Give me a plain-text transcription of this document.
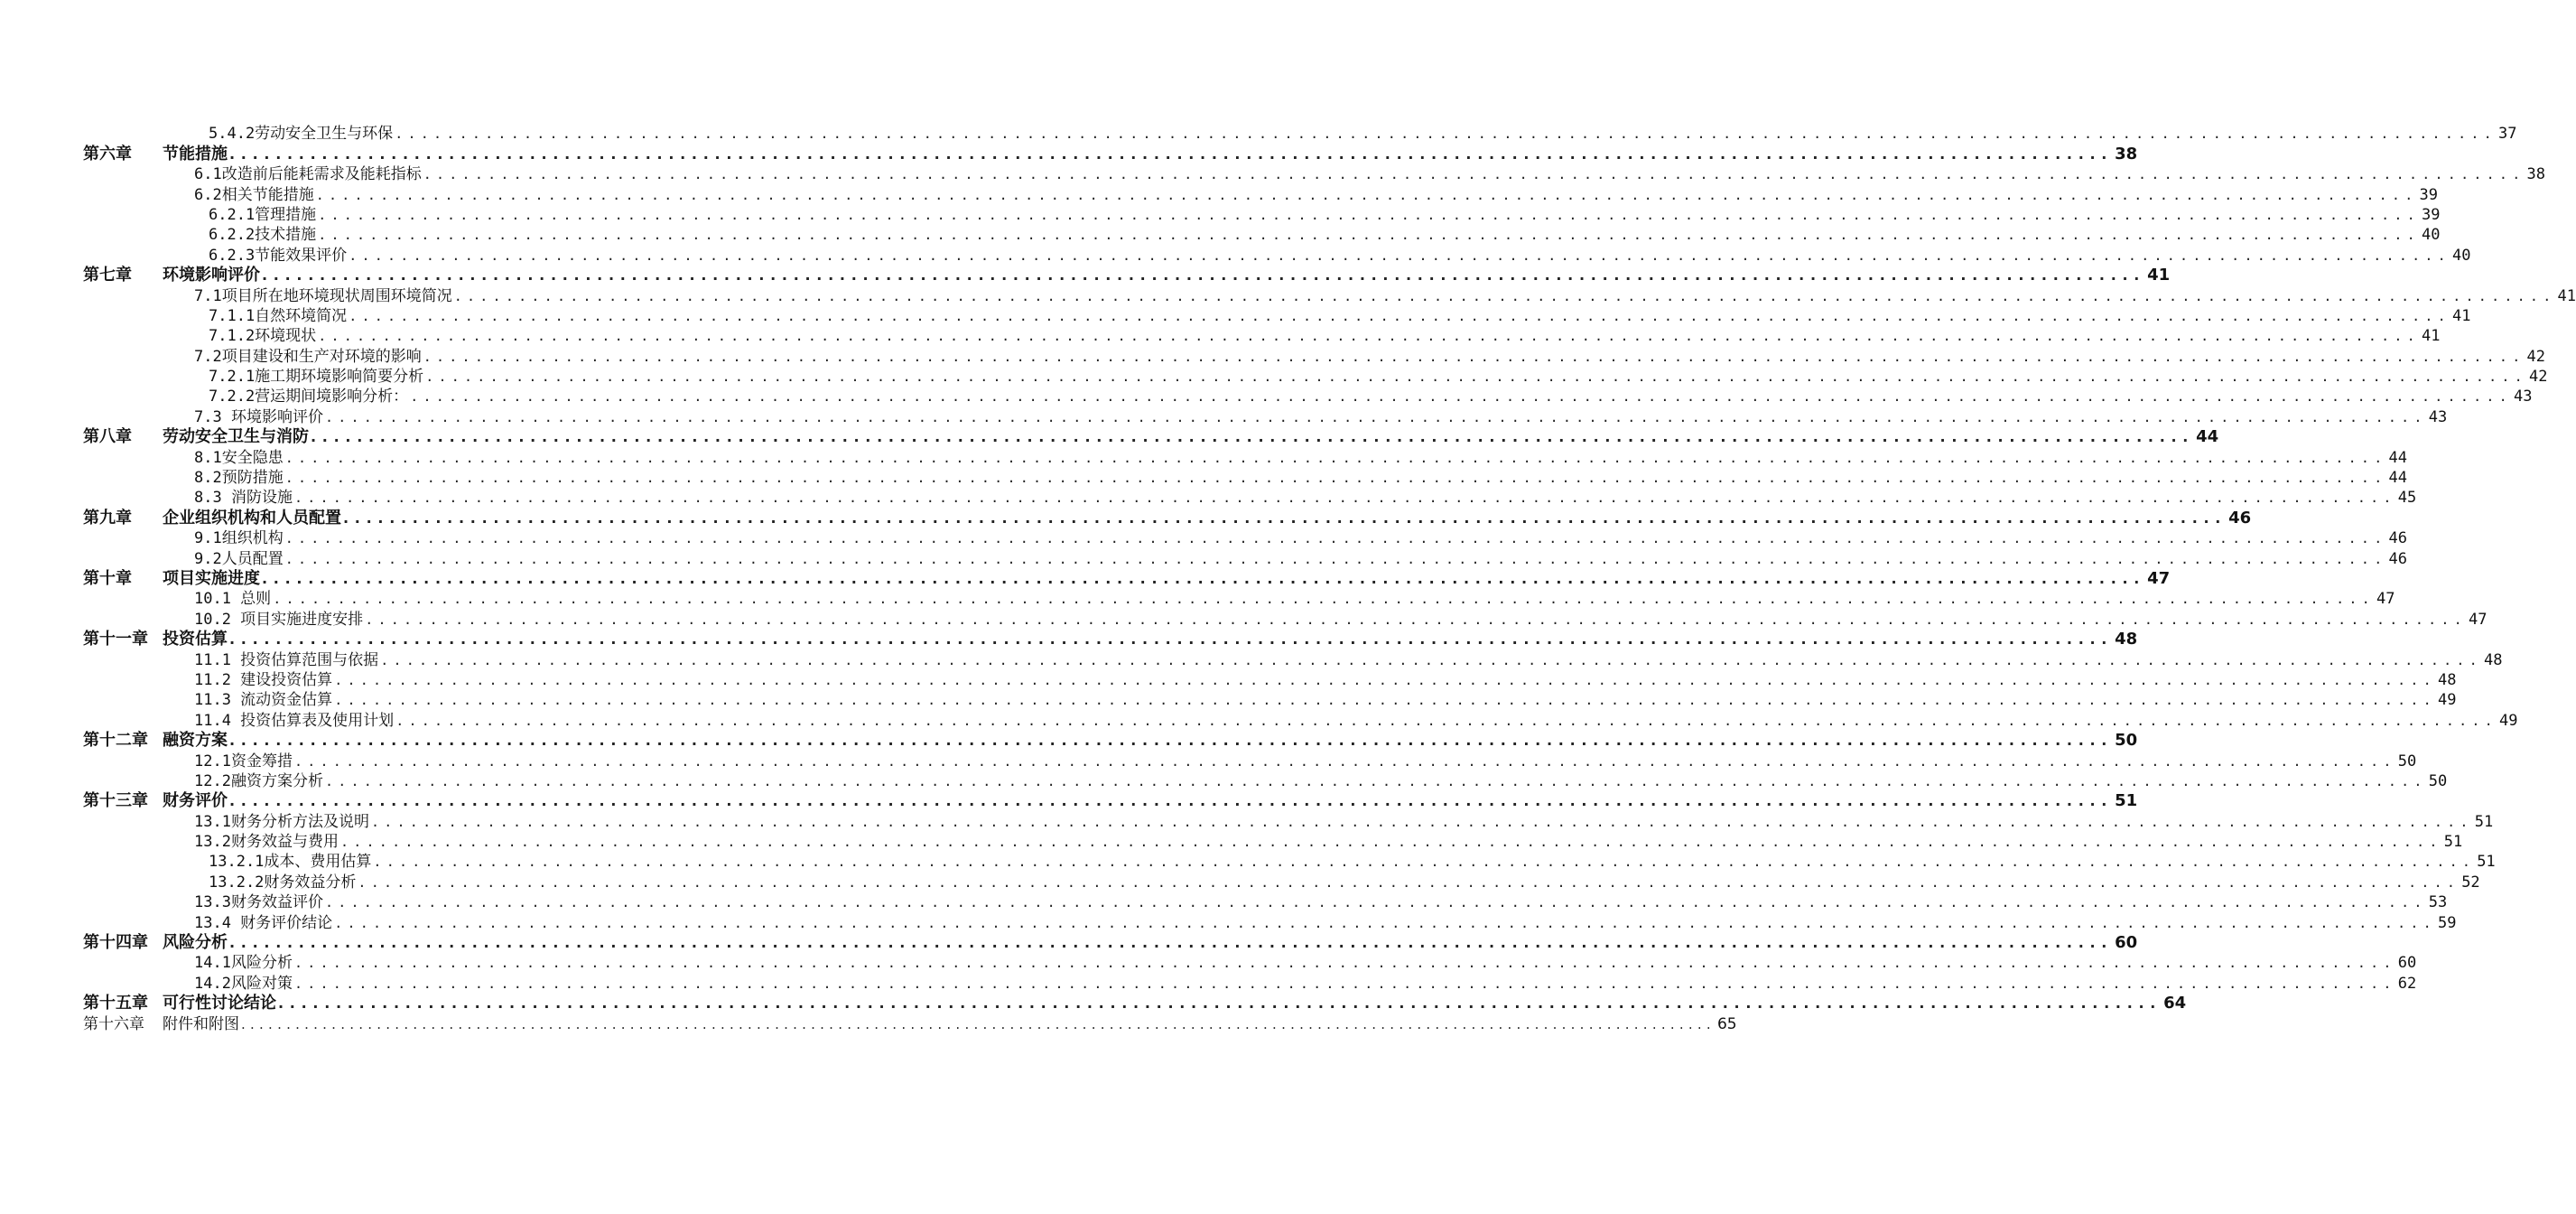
5.4.2劳动安全卫生与环保 .....	37
第六章	节能措施 .....	38
6.1改造前后能耗需求及能耗指标 .....	38
6.2相关节能措施 .....	39
6.2.1管理措施 .....	39
6.2.2技术措施 .....	40
6.2.3节能效果评价 .....	40
第七章	环境影响评价 .....	41
7.1项目所在地环境现状周围环境简况 .....	41
7.1.1自然环境简况 .....	41
7.1.2环境现状 .....	41
7.2项目建设和生产对环境的影响 .....	42
7.2.1施工期环境影响简要分析 .....	42
7.2.2营运期间境影响分析： .....	43
7.3 环境影响评价 .....	43
第八章	劳动安全卫生与消防 .....	44
8.1安全隐患 .....	44
8.2预防措施 .....	44
8.3 消防设施 .....	45
第九章	企业组织机构和人员配置 .....	46
9.1组织机构 .....	46
9.2人员配置 .....	46
第十章	项目实施进度 .....	47
10.1 总则 .....	47
10.2 项目实施进度安排 .....	47
第十一章 投资估算 .....	48
11.1 投资估算范围与依据 .....	48
11.2 建设投资估算 .....	48
11.3 流动资金估算 .....	49
11.4 投资估算表及使用计划 .....	49
第十二章 融资方案 .....	50
12.1资金筹措 .....	50
12.2融资方案分析 .....	50
第十三章 财务评价 .....	51
13.1财务分析方法及说明 .....	51
13.2财务效益与费用 .....	51
13.2.1成本、费用估算 .....	51
13.2.2财务效益分析 .....	52
13.3财务效益评价 .....	53
13.4 财务评价结论 .....	59
第十四章 风险分析 .....	60
14.1风险分析 .....	60
14.2风险对策 .....	62
第十五章 可行性讨论结论 .....	64
第十六章	附件和附图 .....	65
